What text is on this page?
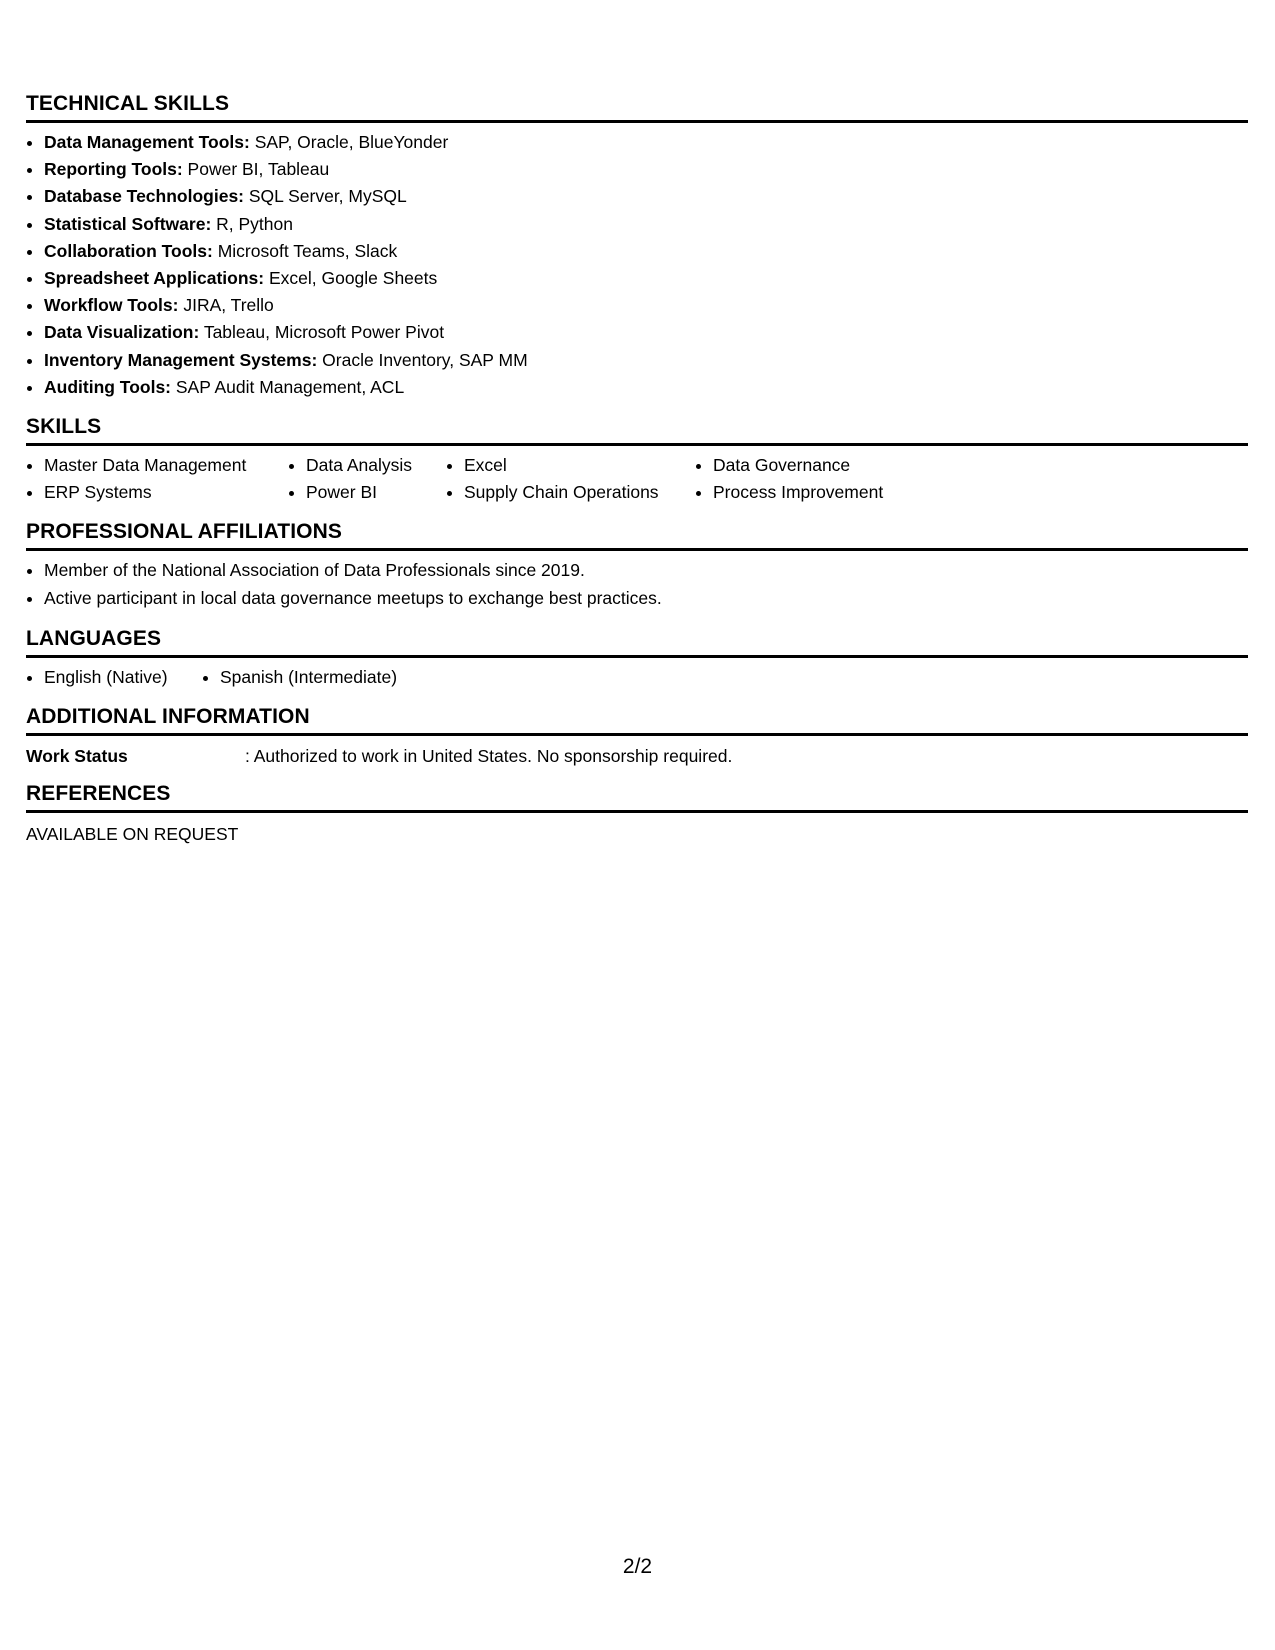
TECHNICAL SKILLS
• Data Management Tools: SAP, Oracle, BlueYonder
• Reporting Tools: Power BI, Tableau
• Database Technologies: SQL Server, MySQL
• Statistical Software: R, Python
• Collaboration Tools: Microsoft Teams, Slack
• Spreadsheet Applications: Excel, Google Sheets
• Workflow Tools: JIRA, Trello
• Data Visualization: Tableau, Microsoft Power Pivot
• Inventory Management Systems: Oracle Inventory, SAP MM
• Auditing Tools: SAP Audit Management, ACL
SKILLS
• Master Data Management
• ERP Systems
• Data Analysis
• Power BI
• Excel
• Supply Chain Operations
• Data Governance
• Process Improvement
PROFESSIONAL AFFILIATIONS
• Member of the National Association of Data Professionals since 2019.
• Active participant in local data governance meetups to exchange best practices.
LANGUAGES
• English (Native)
•	Spanish (Intermediate)
ADDITIONAL INFORMATION
Work Status	: Authorized to work in United States. No sponsorship required.
REFERENCES
AVAILABLE ON REQUEST
2/2
